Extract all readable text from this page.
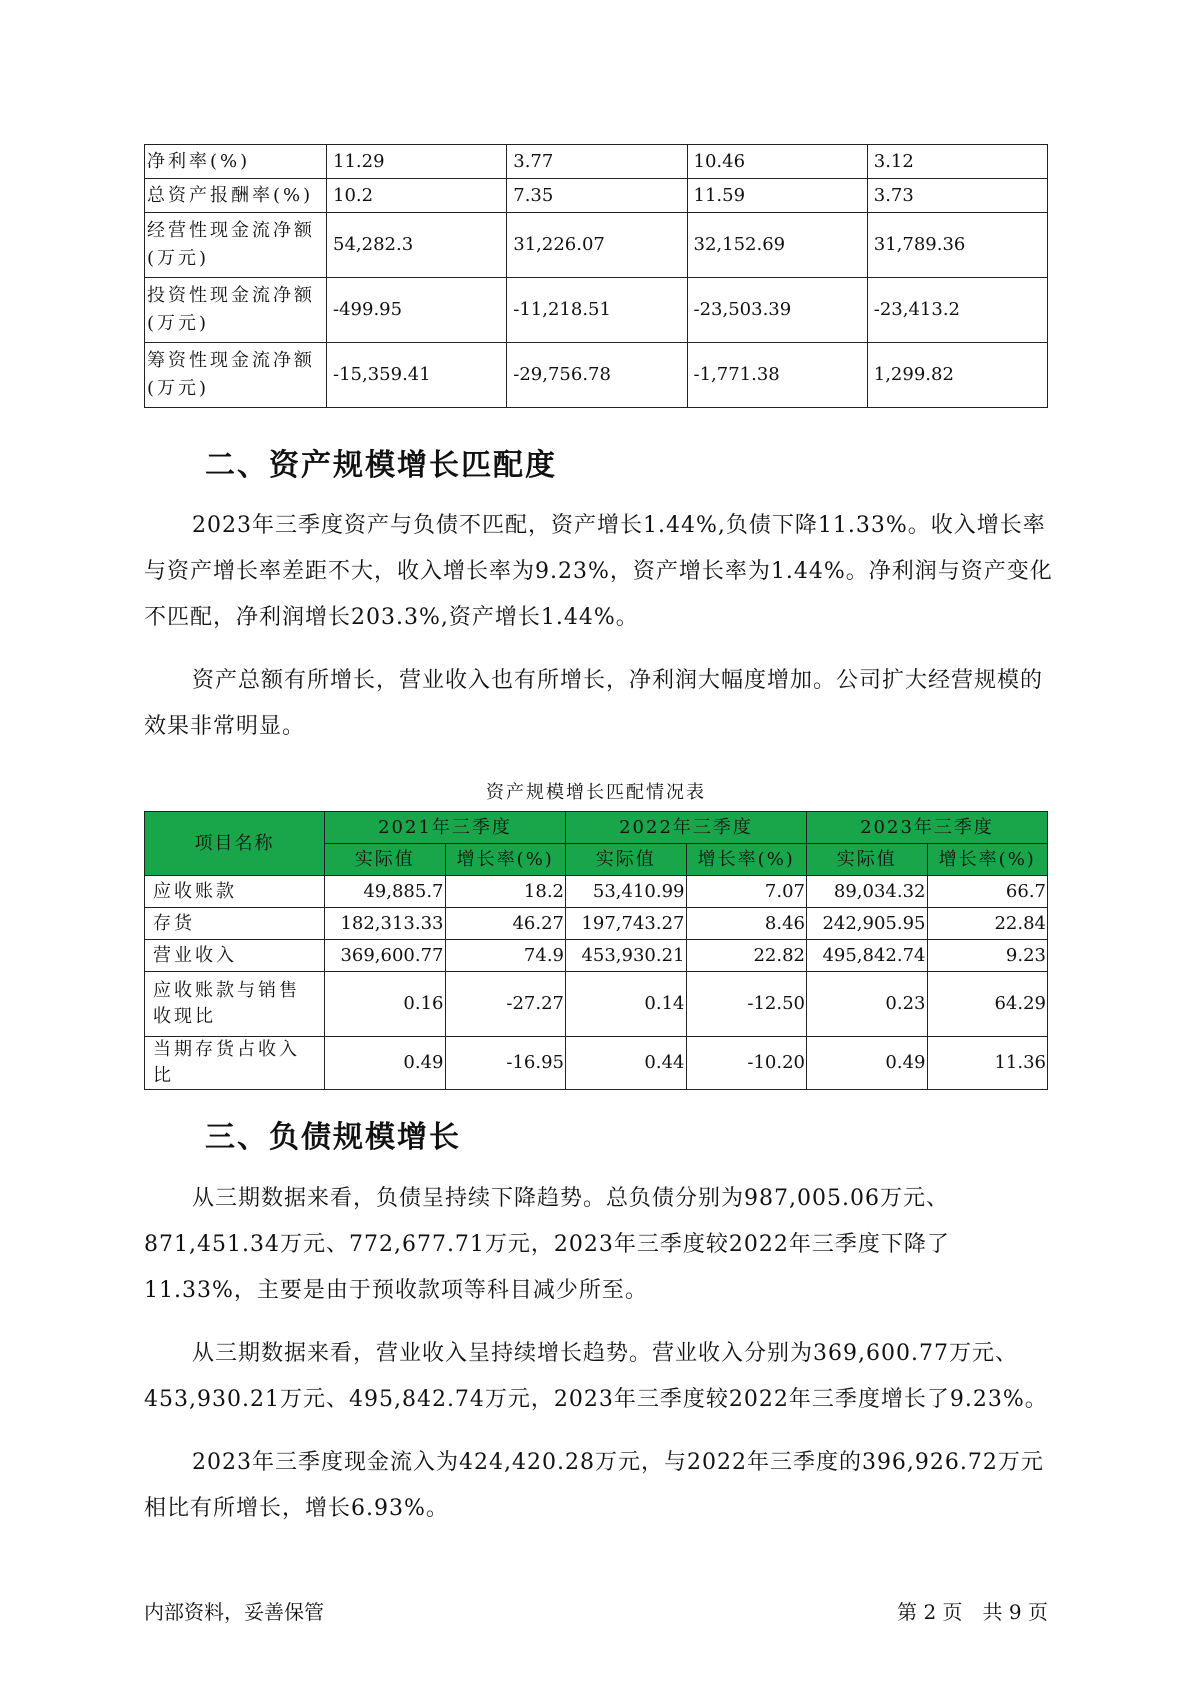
净利率(%)	11.29	3.77	10.46	3.12
总资产报酬率(%)	10.2	7.35	11.59	3.73
经营性现金流净额(万元)	54,282.3	31,226.07	32,152.69	31,789.36
投资性现金流净额(万元)	-499.95	-11,218.51	-23,503.39	-23,413.2
筹资性现金流净额(万元)	-15,359.41	-29,756.78	-1,771.38	1,299.82
二、资产规模增长匹配度

2023年三季度资产与负债不匹配，资产增长1.44%,负债下降11.33%。收入增长率与资产增长率差距不大，收入增长率为9.23%，资产增长率为1.44%。净利润与资产变化不匹配，净利润增长203.3%,资产增长1.44%。

资产总额有所增长，营业收入也有所增长，净利润大幅度增加。公司扩大经营规模的效果非常明显。

资产规模增长匹配情况表
项目名称	2021年三季度		2022年三季度		2023年三季度	
	实际值	增长率(%)	实际值	增长率(%)	实际值	增长率(%)
应收账款	49,885.7	18.2	53,410.99	7.07	89,034.32	66.7
存货	182,313.33	46.27	197,743.27	8.46	242,905.95	22.84
营业收入	369,600.77	74.9	453,930.21	22.82	495,842.74	9.23
应收账款与销售收现比	0.16	-27.27	0.14	-12.50	0.23	64.29
当期存货占收入比	0.49	-16.95	0.44	-10.20	0.49	11.36
三、负债规模增长

从三期数据来看，负债呈持续下降趋势。总负债分别为987,005.06万元、871,451.34万元、772,677.71万元，2023年三季度较2022年三季度下降了11.33%，主要是由于预收款项等科目减少所至。

从三期数据来看，营业收入呈持续增长趋势。营业收入分别为369,600.77万元、453,930.21万元、495,842.74万元，2023年三季度较2022年三季度增长了9.23%。

2023年三季度现金流入为424,420.28万元，与2022年三季度的396,926.72万元相比有所增长，增长6.93%。

内部资料，妥善保管	第 2 页　共 9 页
